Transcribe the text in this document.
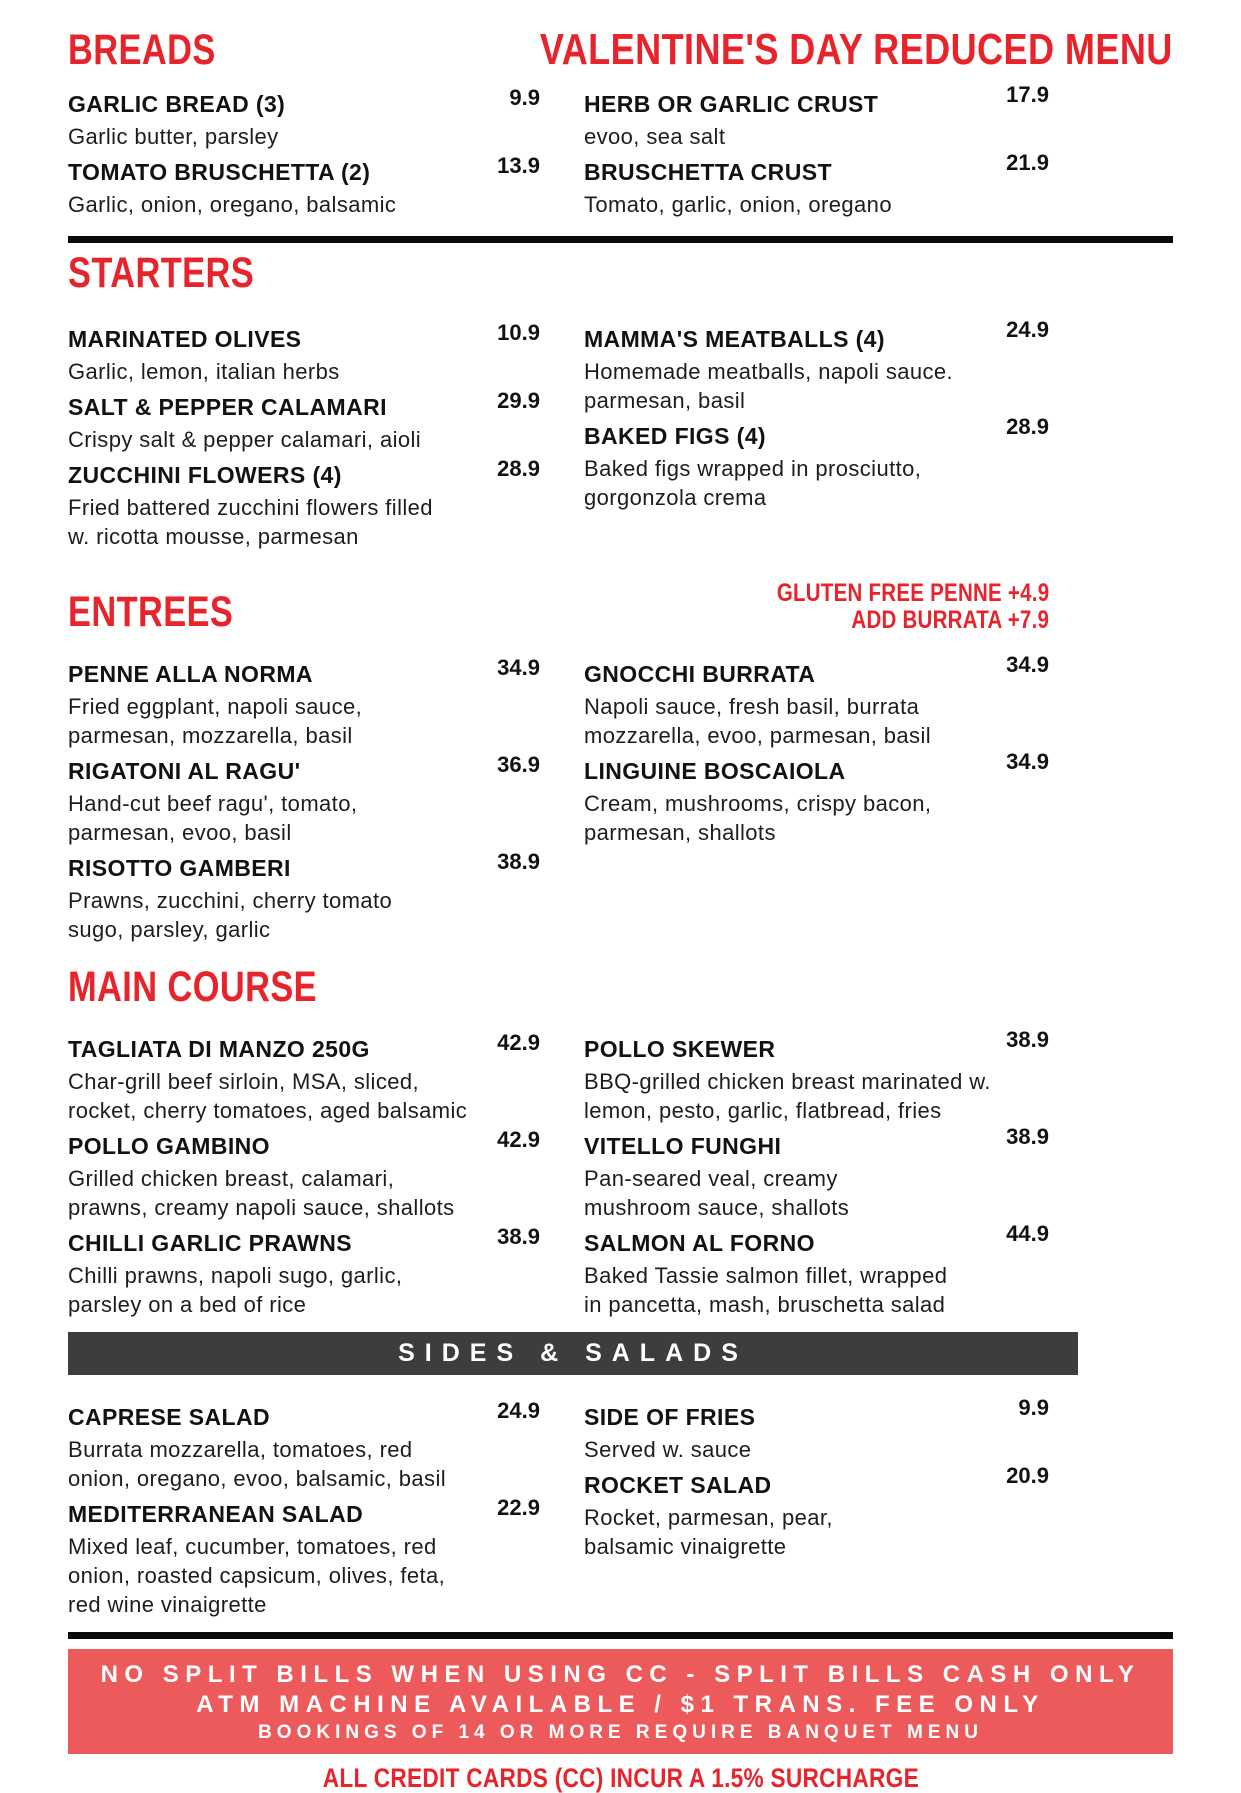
BREADS	VALENTINE'S DAY REDUCED MENU
GARLIC BREAD (3)	9.9
Garlic butter, parsley
TOMATO BRUSCHETTA (2)	13.9
Garlic, onion, oregano, balsamic
HERB OR GARLIC CRUST	17.9
evoo, sea salt
BRUSCHETTA CRUST	21.9
Tomato, garlic, onion, oregano
STARTERS
MARINATED OLIVES	10.9
Garlic, lemon, italian herbs
SALT & PEPPER CALAMARI	29.9
Crispy salt & pepper calamari, aioli
ZUCCHINI FLOWERS (4)	28.9
Fried battered zucchini flowers filled
w. ricotta mousse, parmesan
MAMMA'S MEATBALLS (4)	24.9
Homemade meatballs, napoli sauce.
parmesan, basil
BAKED FIGS (4)	28.9
Baked figs wrapped in prosciutto,
gorgonzola crema
ENTREES	GLUTEN FREE PENNE +4.9
ADD BURRATA +7.9
PENNE ALLA NORMA	34.9
Fried eggplant, napoli sauce,
parmesan, mozzarella, basil
RIGATONI AL RAGU'	36.9
Hand-cut beef ragu', tomato,
parmesan, evoo, basil
RISOTTO GAMBERI	38.9
Prawns, zucchini, cherry tomato
sugo, parsley, garlic
GNOCCHI BURRATA	34.9
Napoli sauce, fresh basil, burrata
mozzarella, evoo, parmesan, basil
LINGUINE BOSCAIOLA	34.9
Cream, mushrooms, crispy bacon,
parmesan, shallots
MAIN COURSE
TAGLIATA DI MANZO 250G	42.9
Char-grill beef sirloin, MSA, sliced,
rocket, cherry tomatoes, aged balsamic
POLLO GAMBINO	42.9
Grilled chicken breast, calamari,
prawns, creamy napoli sauce, shallots
CHILLI GARLIC PRAWNS	38.9
Chilli prawns, napoli sugo, garlic,
parsley on a bed of rice
POLLO SKEWER	38.9
BBQ-grilled chicken breast marinated w.
lemon, pesto, garlic, flatbread, fries
VITELLO FUNGHI	38.9
Pan-seared veal, creamy
mushroom sauce, shallots
SALMON AL FORNO	44.9
Baked Tassie salmon fillet, wrapped
in pancetta, mash, bruschetta salad
SIDES & SALADS
CAPRESE SALAD	24.9
Burrata mozzarella, tomatoes, red
onion, oregano, evoo, balsamic, basil
MEDITERRANEAN SALAD	22.9
Mixed leaf, cucumber, tomatoes, red
onion, roasted capsicum, olives, feta,
red wine vinaigrette
SIDE OF FRIES	9.9
Served w. sauce
ROCKET SALAD	20.9
Rocket, parmesan, pear,
balsamic vinaigrette
NO SPLIT BILLS WHEN USING CC - SPLIT BILLS CASH ONLY
ATM MACHINE AVAILABLE / $1 TRANS. FEE ONLY
BOOKINGS OF 14 OR MORE REQUIRE BANQUET MENU
ALL CREDIT CARDS (CC) INCUR A 1.5% SURCHARGE
